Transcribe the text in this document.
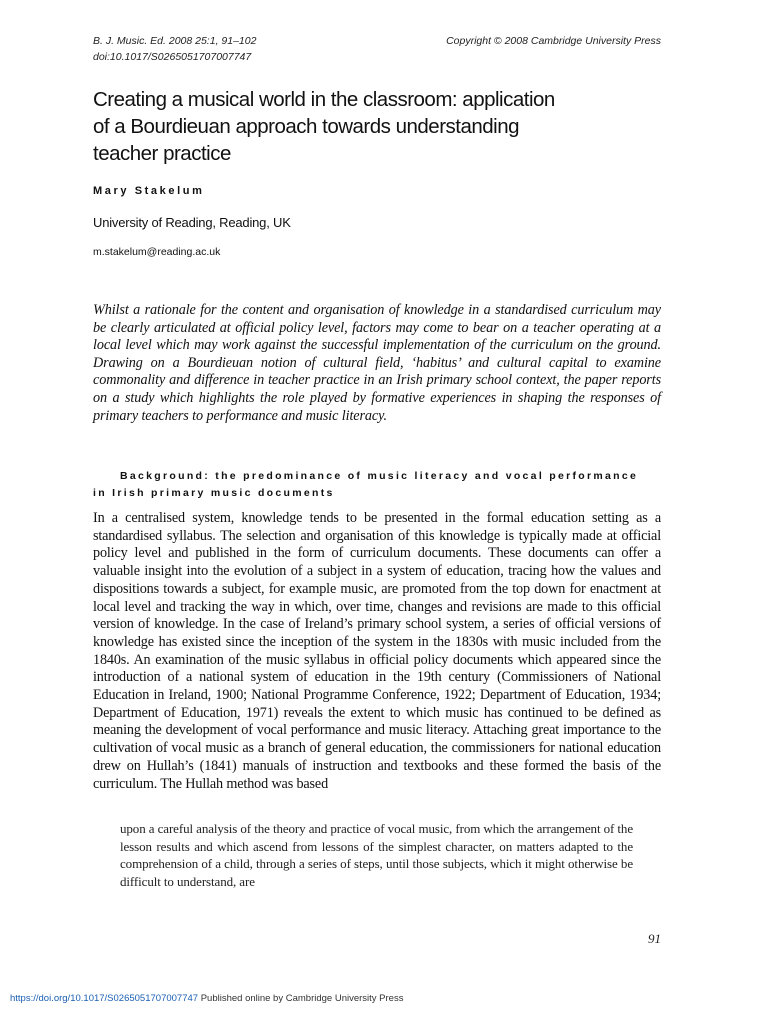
B. J. Music. Ed. 2008 25:1, 91–102
doi:10.1017/S0265051707007747
Copyright © 2008 Cambridge University Press
Creating a musical world in the classroom: application
of a Bourdieuan approach towards understanding
teacher practice
Mary Stakelum
University of Reading, Reading, UK
m.stakelum@reading.ac.uk
Whilst a rationale for the content and organisation of knowledge in a standardised curriculum may be clearly articulated at official policy level, factors may come to bear on a teacher operating at a local level which may work against the successful implementation of the curriculum on the ground. Drawing on a Bourdieuan notion of cultural field, ‘habitus’ and cultural capital to examine commonality and difference in teacher practice in an Irish primary school context, the paper reports on a study which highlights the role played by formative experiences in shaping the responses of primary teachers to performance and music literacy.
Background: the predominance of music literacy and vocal performance
in Irish primary music documents
In a centralised system, knowledge tends to be presented in the formal education setting as a standardised syllabus. The selection and organisation of this knowledge is typically made at official policy level and published in the form of curriculum documents. These documents can offer a valuable insight into the evolution of a subject in a system of education, tracing how the values and dispositions towards a subject, for example music, are promoted from the top down for enactment at local level and tracking the way in which, over time, changes and revisions are made to this official version of knowledge. In the case of Ireland’s primary school system, a series of official versions of knowledge has existed since the inception of the system in the 1830s with music included from the 1840s. An examination of the music syllabus in official policy documents which appeared since the introduction of a national system of education in the 19th century (Commissioners of National Education in Ireland, 1900; National Programme Conference, 1922; Department of Education, 1934; Department of Education, 1971) reveals the extent to which music has continued to be defined as meaning the development of vocal performance and music literacy. Attaching great importance to the cultivation of vocal music as a branch of general education, the commissioners for national education drew on Hullah’s (1841) manuals of instruction and textbooks and these formed the basis of the curriculum. The Hullah method was based
upon a careful analysis of the theory and practice of vocal music, from which the arrangement of the lesson results and which ascend from lessons of the simplest character, on matters adapted to the comprehension of a child, through a series of steps, until those subjects, which it might otherwise be difficult to understand, are
91
https://doi.org/10.1017/S0265051707007747 Published online by Cambridge University Press
